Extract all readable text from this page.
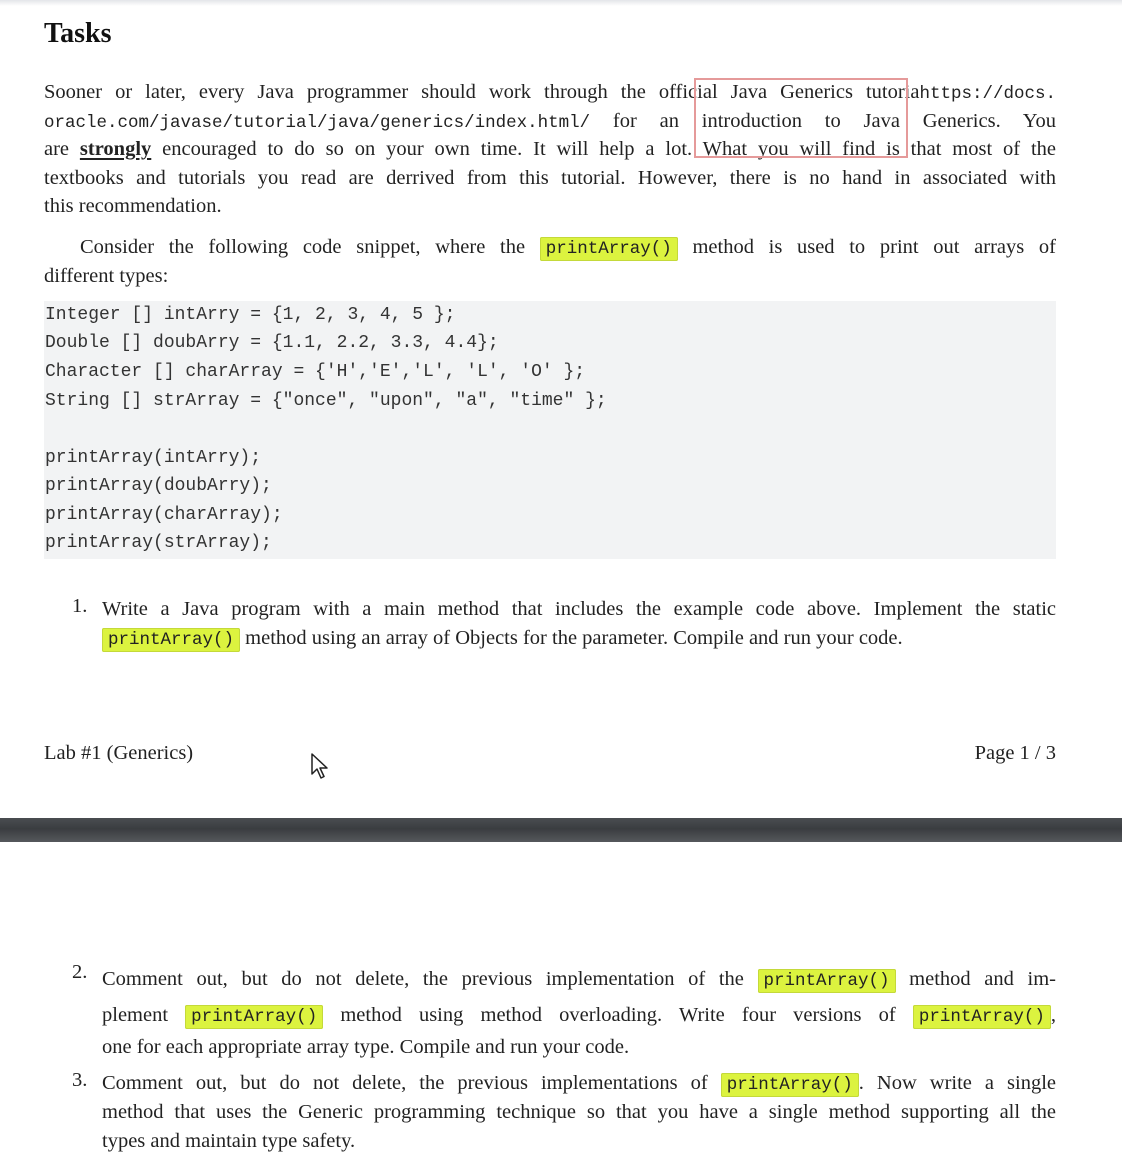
Tasks
Sooner or later, every Java programmer should work through the official Java Generics tutoriahttps://docs.
oracle.com/javase/tutorial/java/generics/index.html/ for an introduction to Java Generics. You
are strongly encouraged to do so on your own time. It will help a lot. What you will find is that most of the
textbooks and tutorials you read are derrived from this tutorial. However, there is no hand in associated with
this recommendation.
Consider the following code snippet, where the printArray() method is used to print out arrays of
different types:
Integer [] intArry = {1, 2, 3, 4, 5 };
Double [] doubArry = {1.1, 2.2, 3.3, 4.4};
Character [] charArray = {'H','E','L', 'L', 'O' };
String [] strArray = {"once", "upon", "a", "time" };
printArray(intArry);
printArray(doubArry);
printArray(charArray);
printArray(strArray);
1. Write a Java program with a main method that includes the example code above. Implement the static
printArray() method using an array of Objects for the parameter. Compile and run your code.
Lab #1 (Generics)	Page 1 / 3
2. Comment out, but do not delete, the previous implementation of the printArray() method and im-
plement printArray() method using method overloading. Write four versions of printArray() ,
one for each appropriate array type. Compile and run your code.
3. Comment out, but do not delete, the previous implementations of printArray() . Now write a single
method that uses the Generic programming technique so that you have a single method supporting all the
types and maintain type safety.
